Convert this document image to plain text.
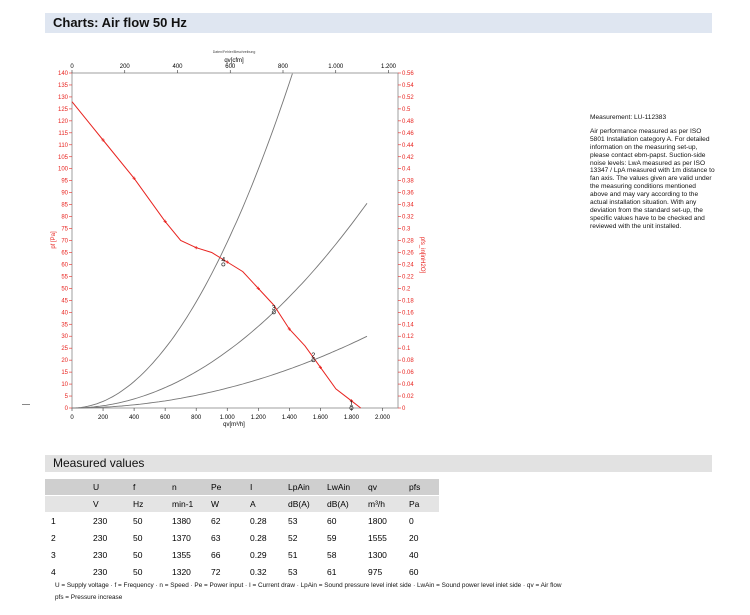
Charts: Air flow 50 Hz
0
5
10
15
20
25
30
35
40
45
50
55
60
65
70
75
80
85
90
95
100
105
110
115
120
125
130
135
140
0
0.02
0.04
0.06
0.08
0.1
0.12
0.14
0.16
0.18
0.2
0.22
0.24
0.26
0.28
0.3
0.32
0.34
0.36
0.38
0.4
0.42
0.44
0.46
0.48
0.5
0.52
0.54
0.56
0	200	400	600	800	1.000	1.200	1.400	1.600	1.800	2.000
0	200	400	600	800	1.000	1.200
4
3
2
1
Daten/Fehler/Beschreibung
qv[cfm]
qv[m³/h]
pf [Pa]	pfs_in[inH2O]

Measurement: LU-112383

Air performance measured as per ISO 5801 Installation category A. For detailed information on the measuring set-up, please contact ebm-papst. Suction-side noise levels: LwA measured as per ISO 13347 / LpA measured with 1m distance to fan axis. The values given are valid under the measuring conditions mentioned above and may vary according to the actual installation situation. With any deviation from the standard set-up, the specific values have to be checked and reviewed with the unit installed.

Measured values
	U	f	n	Pe	I	LpAin	LwAin	qv	pfs
	V	Hz	min-1	W	A	dB(A)	dB(A)	m³/h	Pa
1	230	50	1380	62	0.28	53	60	1800	0
2	230	50	1370	63	0.28	52	59	1555	20
3	230	50	1355	66	0.29	51	58	1300	40
4	230	50	1320	72	0.32	53	61	975	60
U = Supply voltage · f = Frequency · n = Speed · Pe = Power input · I = Current draw · LpAin = Sound pressure level inlet side · LwAin = Sound power level inlet side · qv = Air flow
pfs = Pressure increase
